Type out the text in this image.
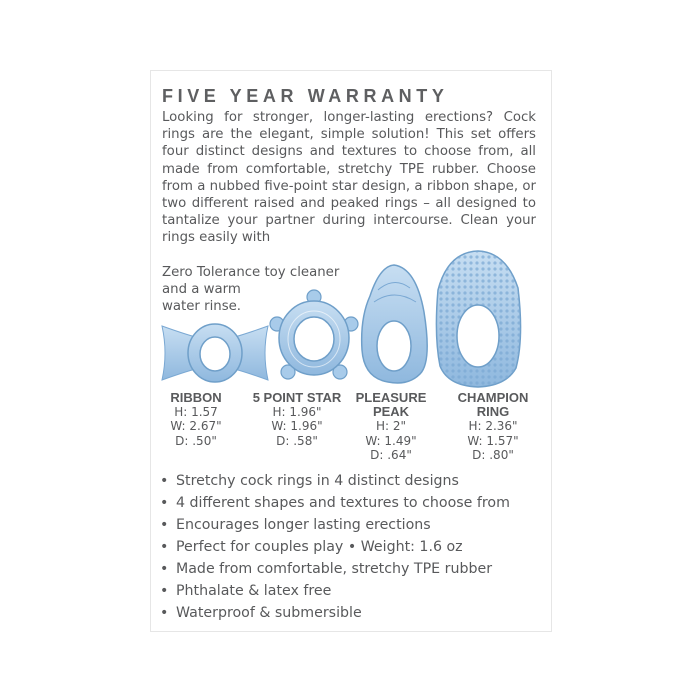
FIVE YEAR WARRANTY
Looking for stronger, longer-lasting erections? Cock rings are the elegant, simple solution! This set offers four distinct designs and textures to choose from, all made from comfortable, stretchy TPE rubber. Choose from a nubbed five-point star design, a ribbon shape, or two different raised and peaked rings – all designed to tantalize your partner during intercourse. Clean your rings easily with
Zero Tolerance toy cleaner
and a warm
water rinse.
RIBBON
H: 1.57
W: 2.67"
D: .50"
5 POINT STAR
H: 1.96"
W: 1.96"
D: .58"
PLEASURE
PEAK
H: 2"
W: 1.49"
D: .64"
CHAMPION
RING
H: 2.36"
W: 1.57"
D: .80"
• Stretchy cock rings in 4 distinct designs
• 4 different shapes and textures to choose from
• Encourages longer lasting erections
• Perfect for couples play • Weight: 1.6 oz
• Made from comfortable, stretchy TPE rubber
• Phthalate & latex free
• Waterproof & submersible
